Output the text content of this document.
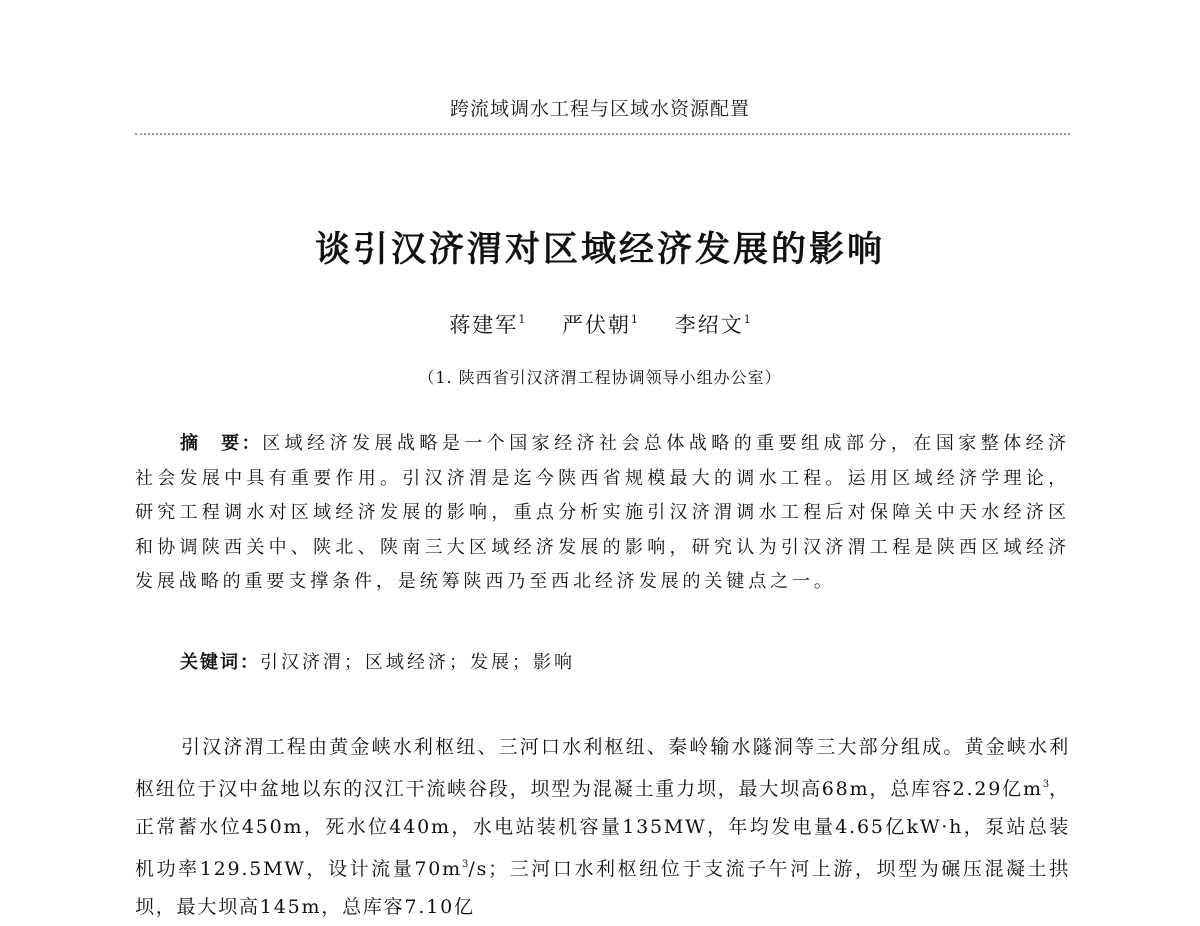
跨流域调水工程与区域水资源配置
谈引汉济渭对区域经济发展的影响
蒋建军$^1$ 严伏朝$^1$ 李绍文$^1$
（1. 陕西省引汉济渭工程协调领导小组办公室）
摘　要：区域经济发展战略是一个国家经济社会总体战略的重要组成部分，在国家整体经济社会发展中具有重要作用。引汉济渭是迄今陕西省规模最大的调水工程。运用区域经济学理论，研究工程调水对区域经济发展的影响，重点分析实施引汉济渭调水工程后对保障关中天水经济区和协调陕西关中、陕北、陕南三大区域经济发展的影响，研究认为引汉济渭工程是陕西区域经济发展战略的重要支撑条件，是统筹陕西乃至西北经济发展的关键点之一。
关键词：引汉济渭；区域经济；发展；影响
引汉济渭工程由黄金峡水利枢纽、三河口水利枢纽、秦岭输水隧洞等三大部分组成。黄金峡水利枢纽位于汉中盆地以东的汉江干流峡谷段，坝型为混凝土重力坝，最大坝高68m，总库容2.29亿$m^3$，正常蓄水位450m，死水位440m，水电站装机容量135MW，年均发电量4.65亿kW·h，泵站总装机功率129.5MW，设计流量$70m^3/s$；三河口水利枢纽位于支流子午河上游，坝型为碾压混凝土拱坝，最大坝高145m，总库容7.10亿
